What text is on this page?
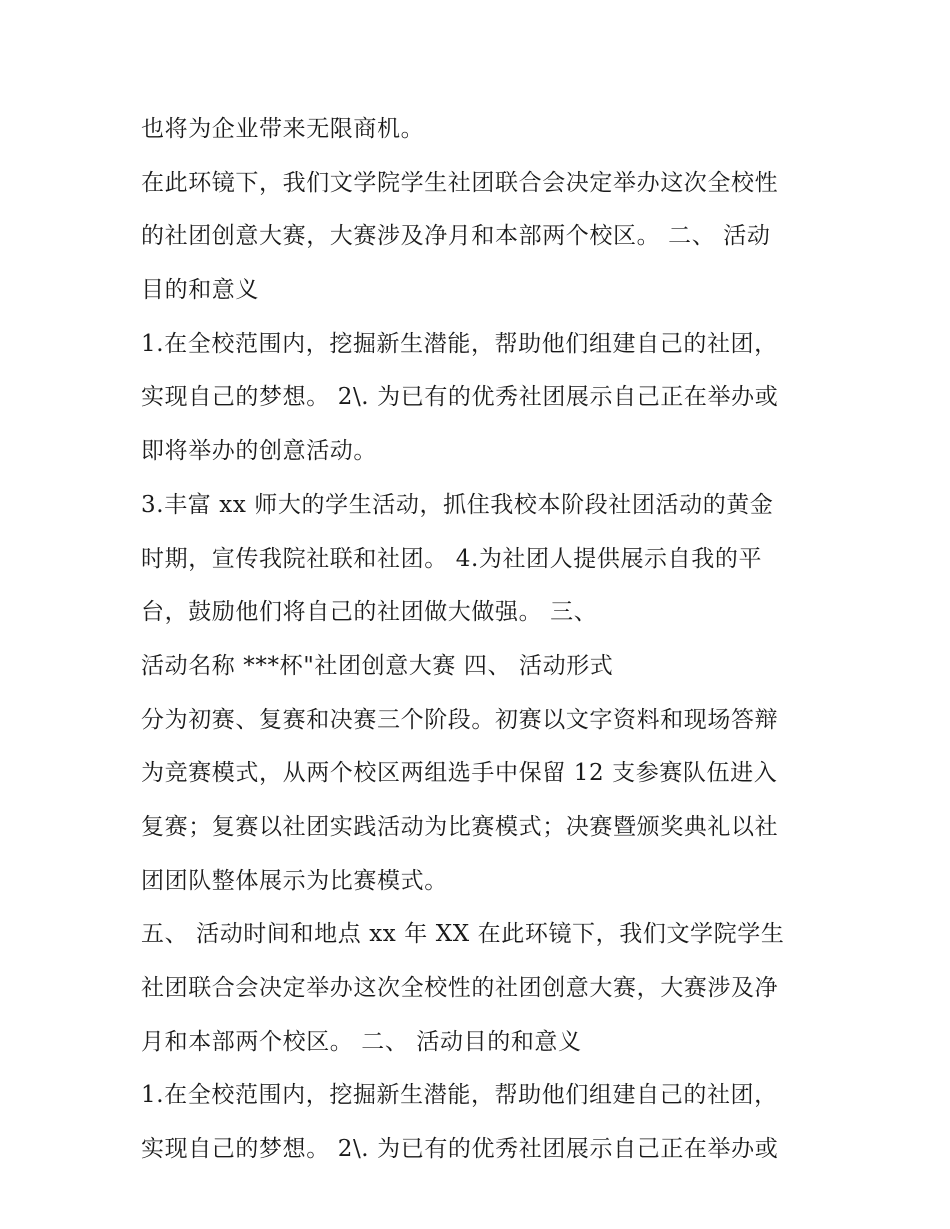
也将为企业带来无限商机。
在此环镜下，我们文学院学生社团联合会决定举办这次全校性
的社团创意大赛，大赛涉及净月和本部两个校区。 二、 活动
目的和意义
1.在全校范围内，挖掘新生潜能，帮助他们组建自己的社团，
实现自己的梦想。 2\. 为已有的优秀社团展示自己正在举办或
即将举办的创意活动。
3.丰富 xx 师大的学生活动，抓住我校本阶段社团活动的黄金
时期，宣传我院社联和社团。 4.为社团人提供展示自我的平
台，鼓励他们将自己的社团做大做强。 三、
活动名称 ***杯"社团创意大赛 四、 活动形式
分为初赛、复赛和决赛三个阶段。初赛以文字资料和现场答辩
为竞赛模式，从两个校区两组选手中保留 12 支参赛队伍进入
复赛；复赛以社团实践活动为比赛模式；决赛暨颁奖典礼以社
团团队整体展示为比赛模式。
五、 活动时间和地点 xx 年 XX 在此环镜下，我们文学院学生
社团联合会决定举办这次全校性的社团创意大赛，大赛涉及净
月和本部两个校区。 二、 活动目的和意义
1.在全校范围内，挖掘新生潜能，帮助他们组建自己的社团，
实现自己的梦想。 2\. 为已有的优秀社团展示自己正在举办或
